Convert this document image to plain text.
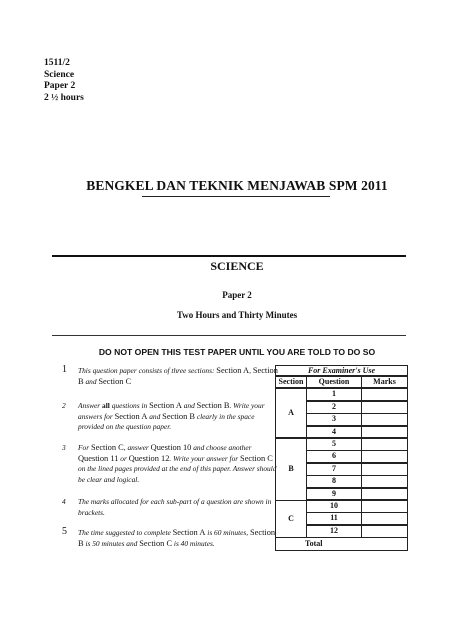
1511/2
Science
Paper 2
2 ½ hours
BENGKEL DAN TEKNIK MENJAWAB SPM 2011
SCIENCE
Paper 2
Two Hours and Thirty Minutes
DO NOT OPEN THIS TEST PAPER UNTIL YOU ARE TOLD TO DO SO
1 This question paper consists of three sections: Section A, Section B and Section C
2 Answer all questions in Section A and Section B. Write your answers for Section A and Section B clearly in the space provided on the question paper.
3 For Section C, answer Question 10 and choose another Question 11 or Question 12. Write your answer for Section C on the lined pages provided at the end of this paper. Answer should be clear and logical.
4 The marks allocated for each sub-part of a question are shown in brackets.
5 The time suggested to complete Section A is 60 minutes, Section B is 50 minutes and Section C is 40 minutes.
For Examiner's Use
Section	Question	Marks
A
1
2
3
4
B
5
6
7
8
9
C
10
11
12
Total
